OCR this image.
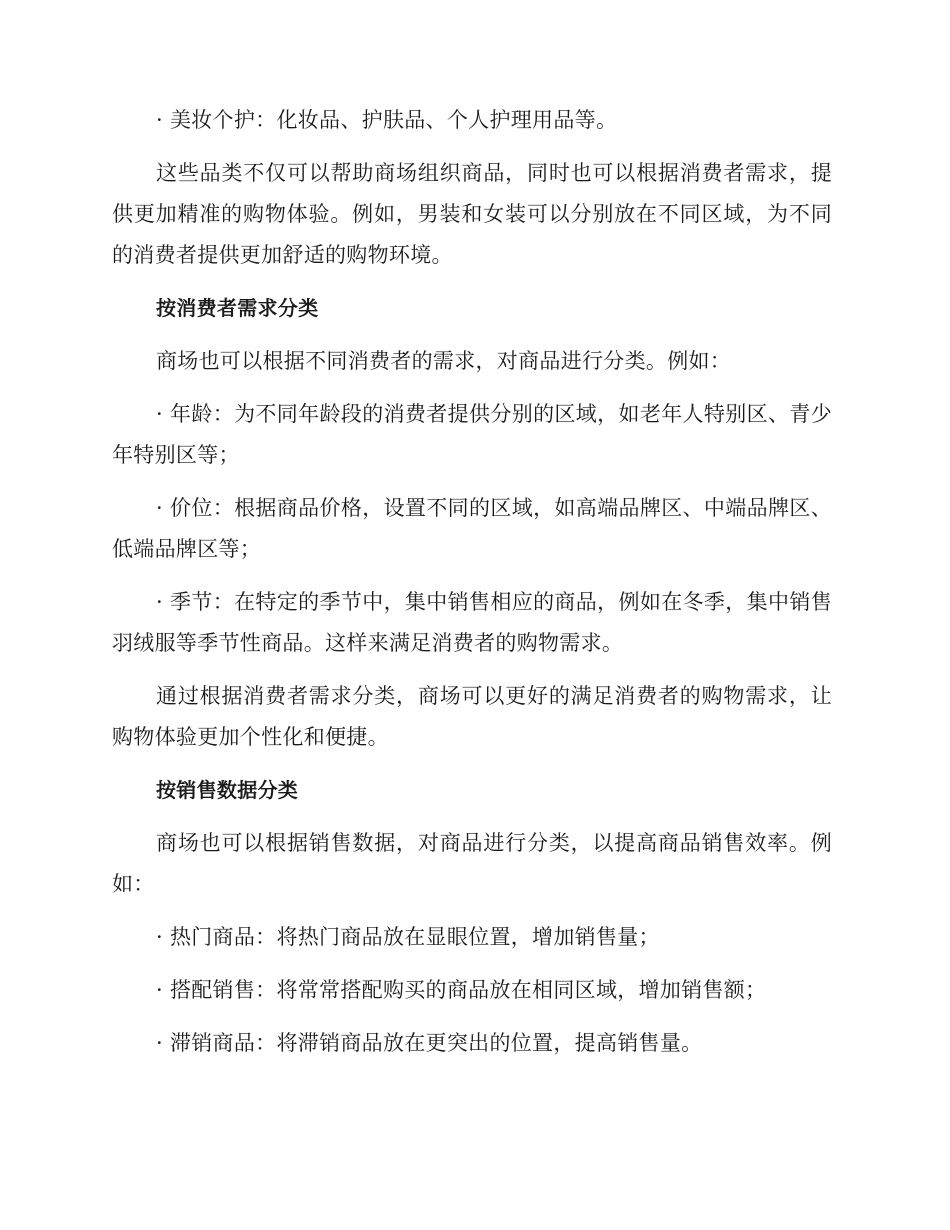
· 美妆个护：化妆品、护肤品、个人护理用品等。

这些品类不仅可以帮助商场组织商品，同时也可以根据消费者需求，提供更加精准的购物体验。例如，男装和女装可以分别放在不同区域，为不同的消费者提供更加舒适的购物环境。

按消费者需求分类

商场也可以根据不同消费者的需求，对商品进行分类。例如：

· 年龄：为不同年龄段的消费者提供分别的区域，如老年人特别区、青少年特别区等；

· 价位：根据商品价格，设置不同的区域，如高端品牌区、中端品牌区、低端品牌区等；

· 季节：在特定的季节中，集中销售相应的商品，例如在冬季，集中销售羽绒服等季节性商品。这样来满足消费者的购物需求。

通过根据消费者需求分类，商场可以更好的满足消费者的购物需求，让购物体验更加个性化和便捷。

按销售数据分类

商场也可以根据销售数据，对商品进行分类，以提高商品销售效率。例如：

· 热门商品：将热门商品放在显眼位置，增加销售量；

· 搭配销售：将常常搭配购买的商品放在相同区域，增加销售额；

· 滞销商品：将滞销商品放在更突出的位置，提高销售量。
